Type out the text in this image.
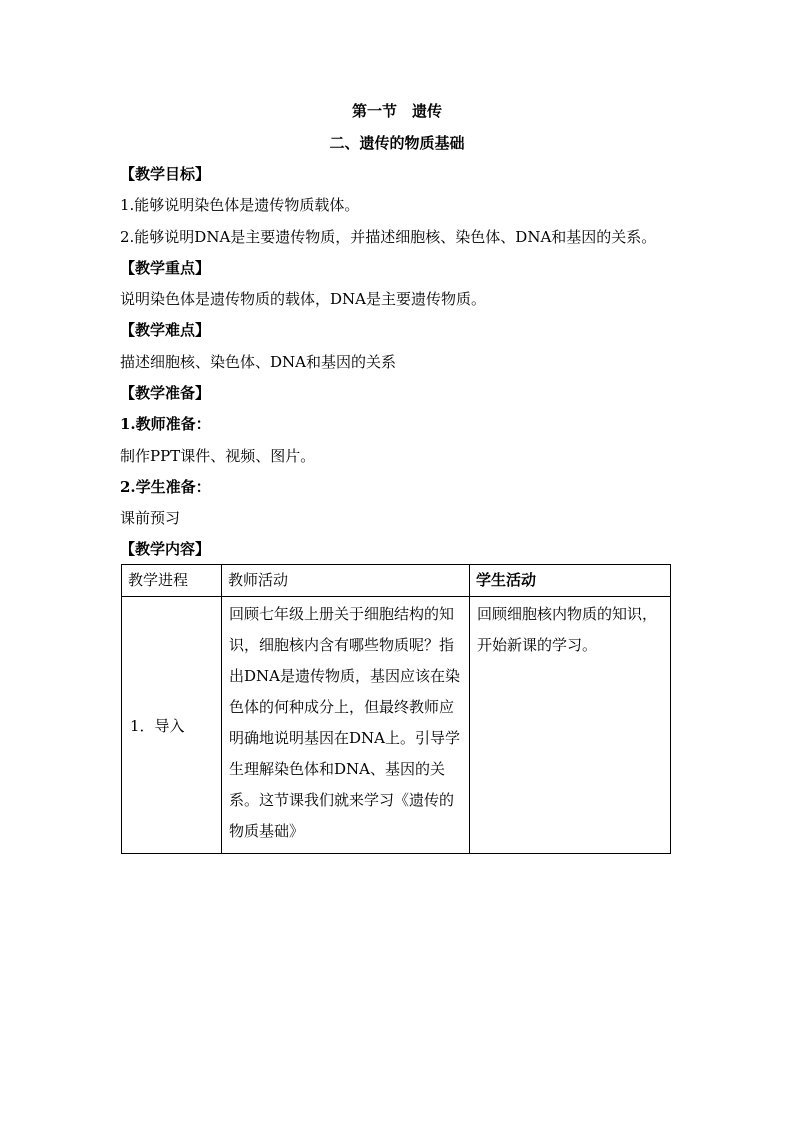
第一节　遗传
二、遗传的物质基础
【教学目标】
1.能够说明染色体是遗传物质载体。
2.能够说明DNA是主要遗传物质，并描述细胞核、染色体、DNA和基因的关系。
【教学重点】
说明染色体是遗传物质的载体，DNA是主要遗传物质。
【教学难点】
描述细胞核、染色体、DNA和基因的关系
【教学准备】
1.教师准备：
制作PPT课件、视频、图片。
2.学生准备：
课前预习
【教学内容】
教学进程	教师活动	学生活动
1．导入	回顾七年级上册关于细胞结构的知识，细胞核内含有哪些物质呢？指出DNA是遗传物质，基因应该在染色体的何种成分上，但最终教师应明确地说明基因在DNA上。引导学生理解染色体和DNA、基因的关系。这节课我们就来学习《遗传的物质基础》	回顾细胞核内物质的知识，开始新课的学习。
